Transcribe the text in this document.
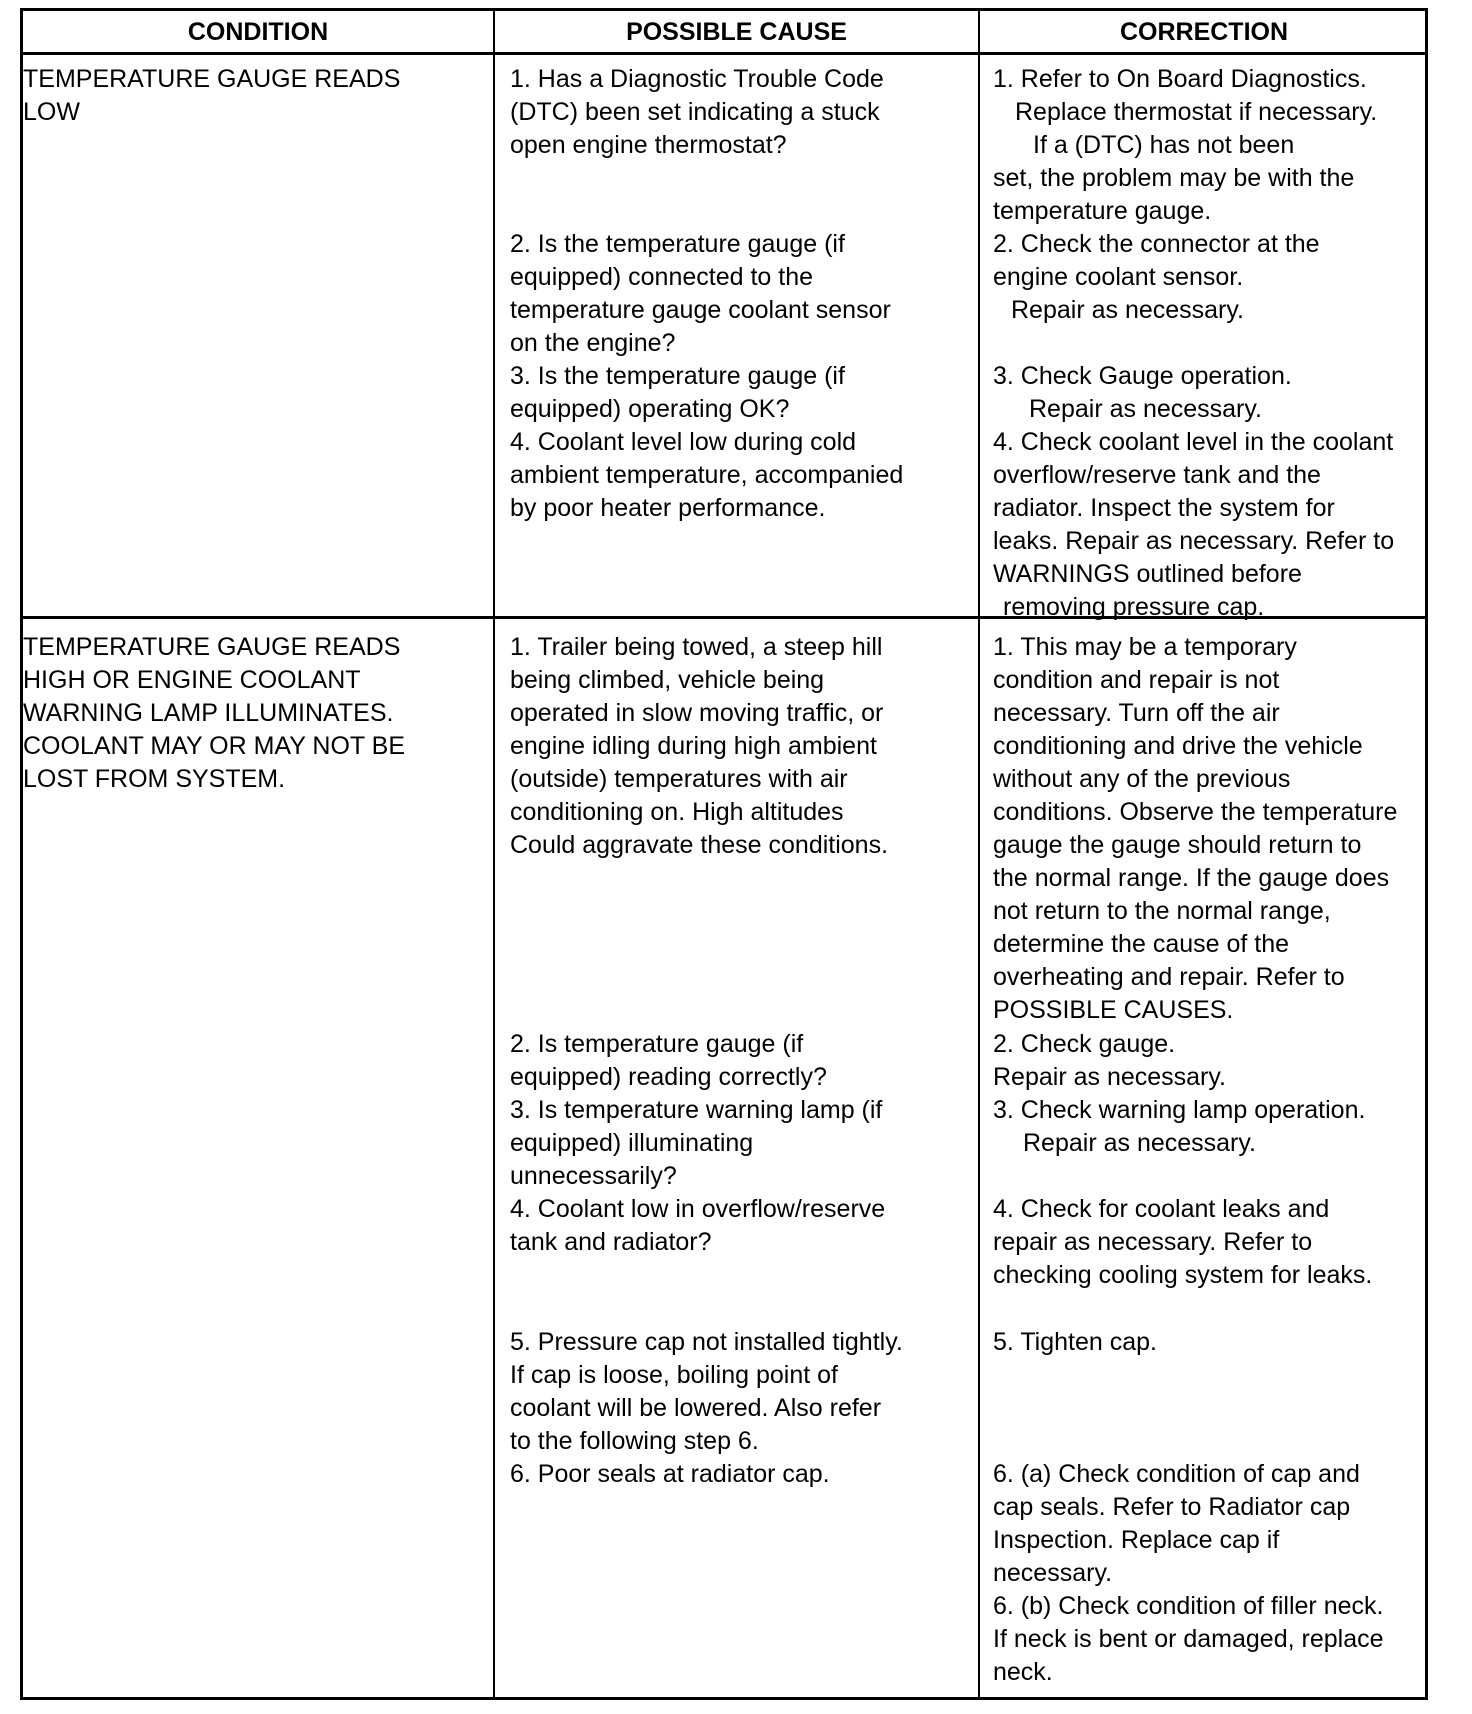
CONDITION	POSSIBLE CAUSE	CORRECTION
TEMPERATURE GAUGE READS
LOW
1. Has a Diagnostic Trouble Code
(DTC) been set indicating a stuck
open engine thermostat?
2. Is the temperature gauge (if
equipped) connected to the
temperature gauge coolant sensor
on the engine?
3. Is the temperature gauge (if
equipped) operating OK?
4. Coolant level low during cold
ambient temperature, accompanied
by poor heater performance.
1. Refer to On Board Diagnostics.
Replace thermostat if necessary.
If a (DTC) has not been
set, the problem may be with the
temperature gauge.
2. Check the connector at the
engine coolant sensor.
Repair as necessary.
3. Check Gauge operation.
Repair as necessary.
4. Check coolant level in the coolant
overflow/reserve tank and the
radiator. Inspect the system for
leaks. Repair as necessary. Refer to
WARNINGS outlined before
removing pressure cap.
TEMPERATURE GAUGE READS
HIGH OR ENGINE COOLANT
WARNING LAMP ILLUMINATES.
COOLANT MAY OR MAY NOT BE
LOST FROM SYSTEM.
1. Trailer being towed, a steep hill
being climbed, vehicle being
operated in slow moving traffic, or
engine idling during high ambient
(outside) temperatures with air
conditioning on. High altitudes
Could aggravate these conditions.
2. Is temperature gauge (if
equipped) reading correctly?
3. Is temperature warning lamp (if
equipped) illuminating
unnecessarily?
4. Coolant low in overflow/reserve
tank and radiator?
5. Pressure cap not installed tightly.
If cap is loose, boiling point of
coolant will be lowered. Also refer
to the following step 6.
6. Poor seals at radiator cap.
1. This may be a temporary
condition and repair is not
necessary. Turn off the air
conditioning and drive the vehicle
without any of the previous
conditions. Observe the temperature
gauge the gauge should return to
the normal range. If the gauge does
not return to the normal range,
determine the cause of the
overheating and repair. Refer to
POSSIBLE CAUSES.
2. Check gauge.
Repair as necessary.
3. Check warning lamp operation.
Repair as necessary.
4. Check for coolant leaks and
repair as necessary. Refer to
checking cooling system for leaks.
5. Tighten cap.
6. (a) Check condition of cap and
cap seals. Refer to Radiator cap
Inspection. Replace cap if
necessary.
6. (b) Check condition of filler neck.
If neck is bent or damaged, replace
neck.
